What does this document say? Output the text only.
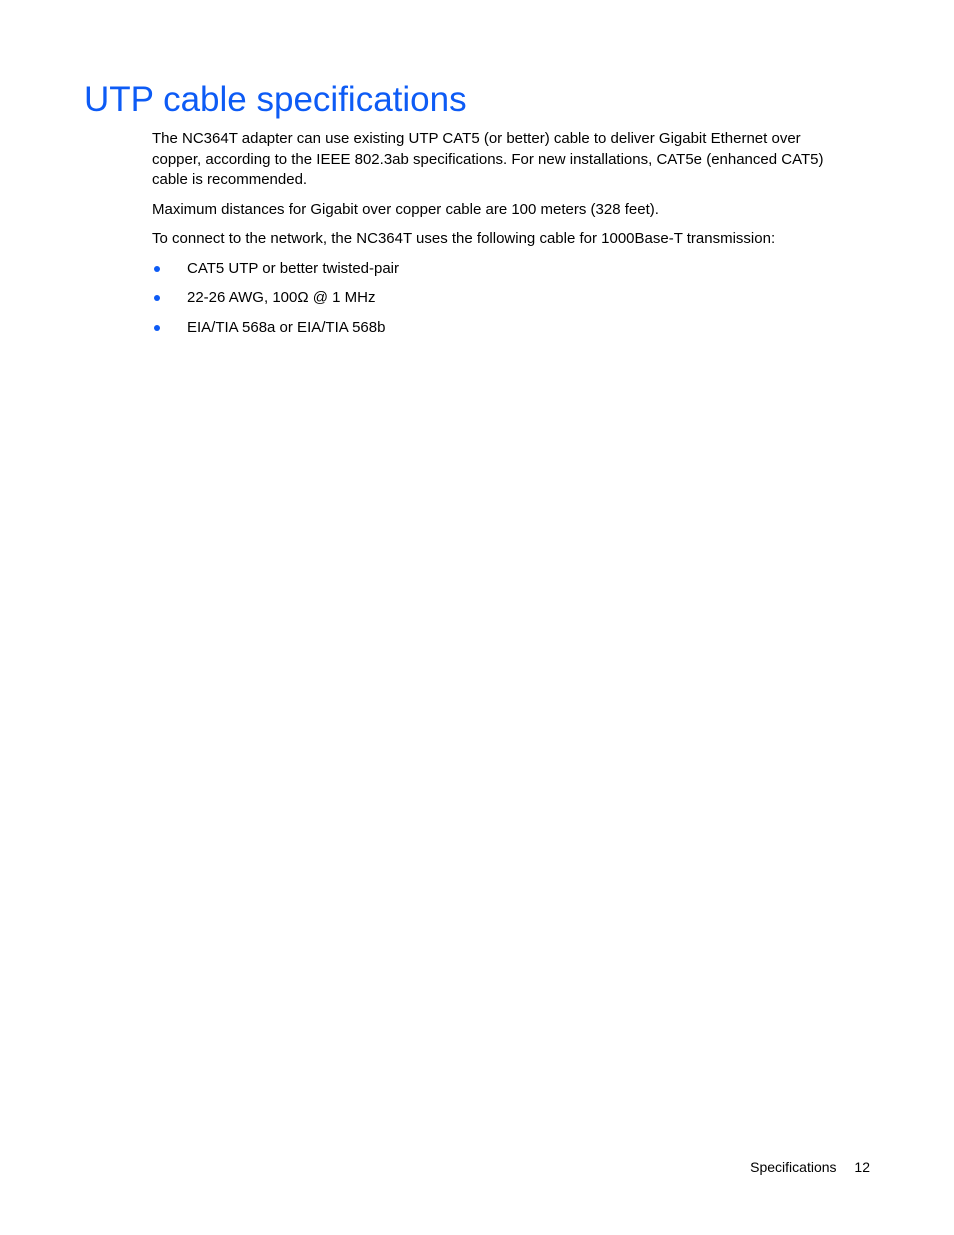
UTP cable specifications

The NC364T adapter can use existing UTP CAT5 (or better) cable to deliver Gigabit Ethernet over copper, according to the IEEE 802.3ab specifications. For new installations, CAT5e (enhanced CAT5) cable is recommended.

Maximum distances for Gigabit over copper cable are 100 meters (328 feet).

To connect to the network, the NC364T uses the following cable for 1000Base-T transmission:

CAT5 UTP or better twisted-pair
22-26 AWG, 100Ω @ 1 MHz
EIA/TIA 568a or EIA/TIA 568b
Specifications 12
